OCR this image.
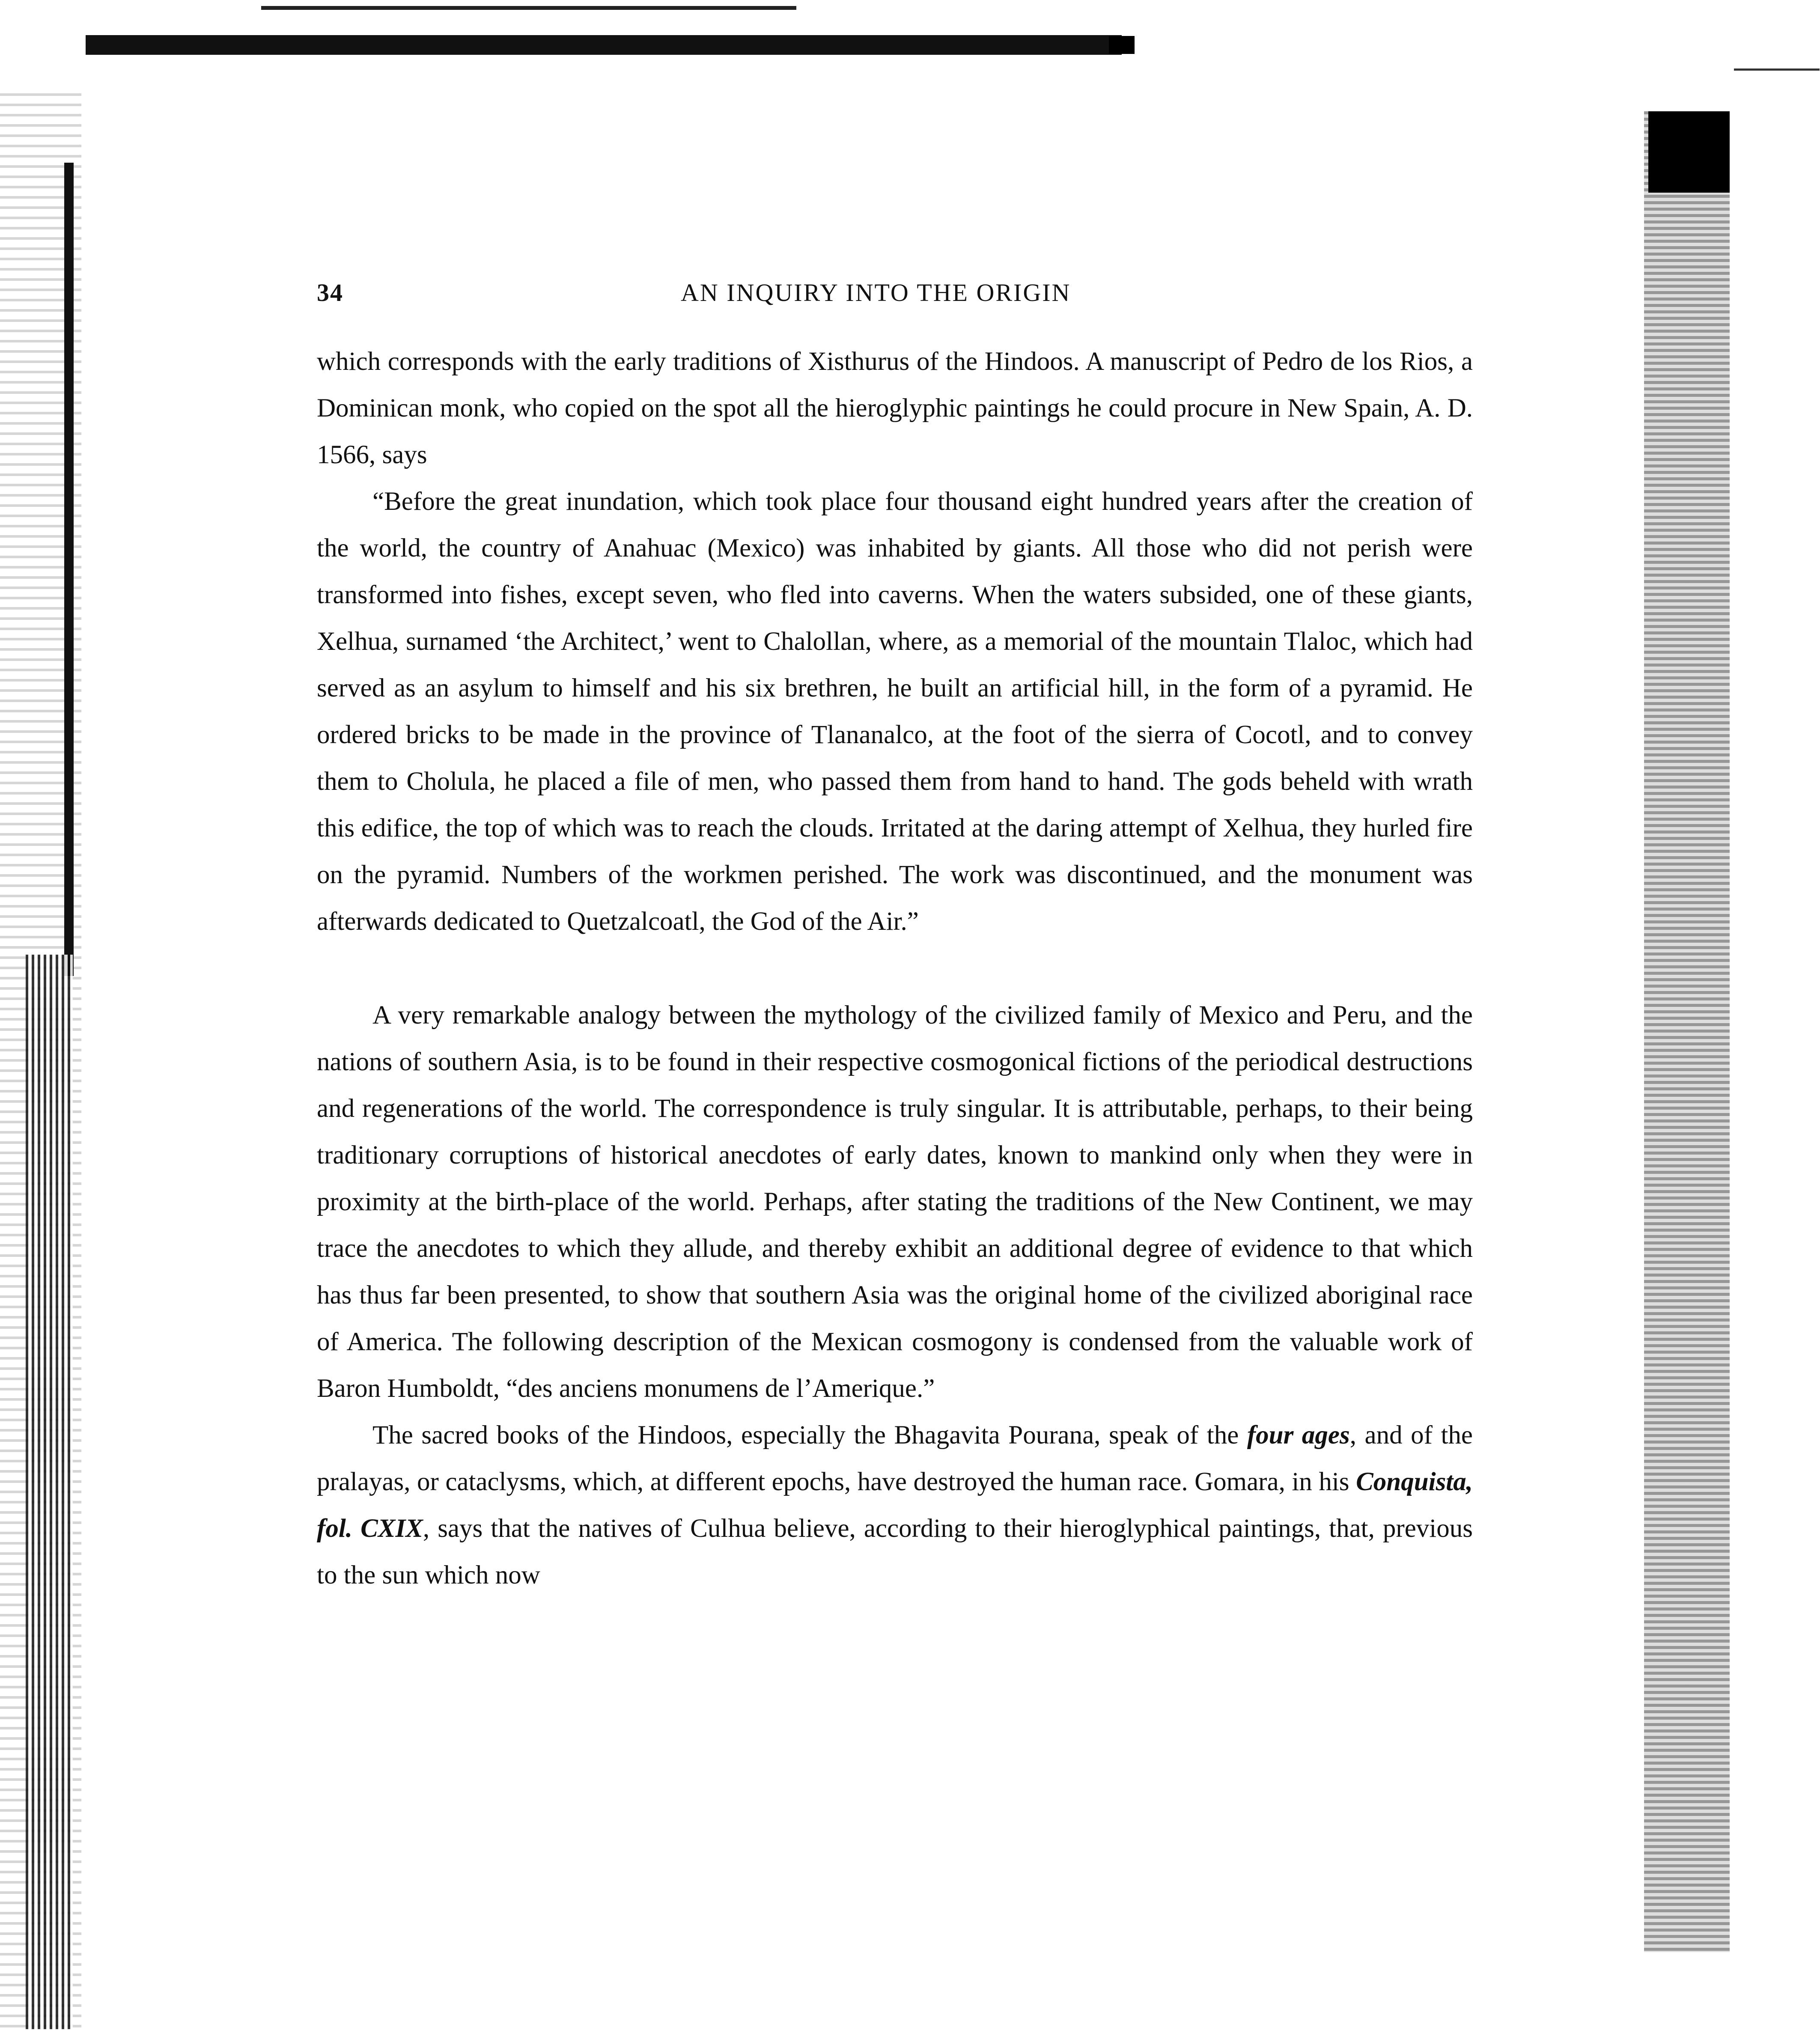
34	AN INQUIRY INTO THE ORIGIN

which corresponds with the early traditions of Xisthurus of the Hindoos. A manuscript of Pedro de los Rios, a Dominican monk, who copied on the spot all the hieroglyphic paintings he could procure in New Spain, A. D. 1566, says

“Before the great inundation, which took place four thousand eight hundred years after the creation of the world, the country of Anahuac (Mexico) was inhabited by giants. All those who did not perish were transformed into fishes, except seven, who fled into caverns. When the waters subsided, one of these giants, Xelhua, surnamed ‘the Architect,’ went to Chalollan, where, as a memorial of the mountain Tlaloc, which had served as an asylum to himself and his six brethren, he built an artificial hill, in the form of a pyramid. He ordered bricks to be made in the province of Tlananalco, at the foot of the sierra of Cocotl, and to convey them to Cholula, he placed a file of men, who passed them from hand to hand. The gods beheld with wrath this edifice, the top of which was to reach the clouds. Irritated at the daring attempt of Xelhua, they hurled fire on the pyramid. Numbers of the workmen perished. The work was discontinued, and the monument was afterwards dedicated to Quetzalcoatl, the God of the Air.”

A very remarkable analogy between the mythology of the civilized family of Mexico and Peru, and the nations of southern Asia, is to be found in their respective cosmogonical fictions of the periodical destructions and regenerations of the world. The correspondence is truly singular. It is attributable, perhaps, to their being traditionary corruptions of historical anecdotes of early dates, known to mankind only when they were in proximity at the birth-place of the world. Perhaps, after stating the traditions of the New Continent, we may trace the anecdotes to which they allude, and thereby exhibit an additional degree of evidence to that which has thus far been presented, to show that southern Asia was the original home of the civilized aboriginal race of America. The following description of the Mexican cosmogony is condensed from the valuable work of Baron Humboldt, “des anciens monumens de l’Amerique.”

The sacred books of the Hindoos, especially the Bhagavita Pourana, speak of the four ages, and of the pralayas, or cataclysms, which, at different epochs, have destroyed the human race. Gomara, in his Conquista, fol. CXIX, says that the natives of Culhua believe, according to their hieroglyphical paintings, that, previous to the sun which now
